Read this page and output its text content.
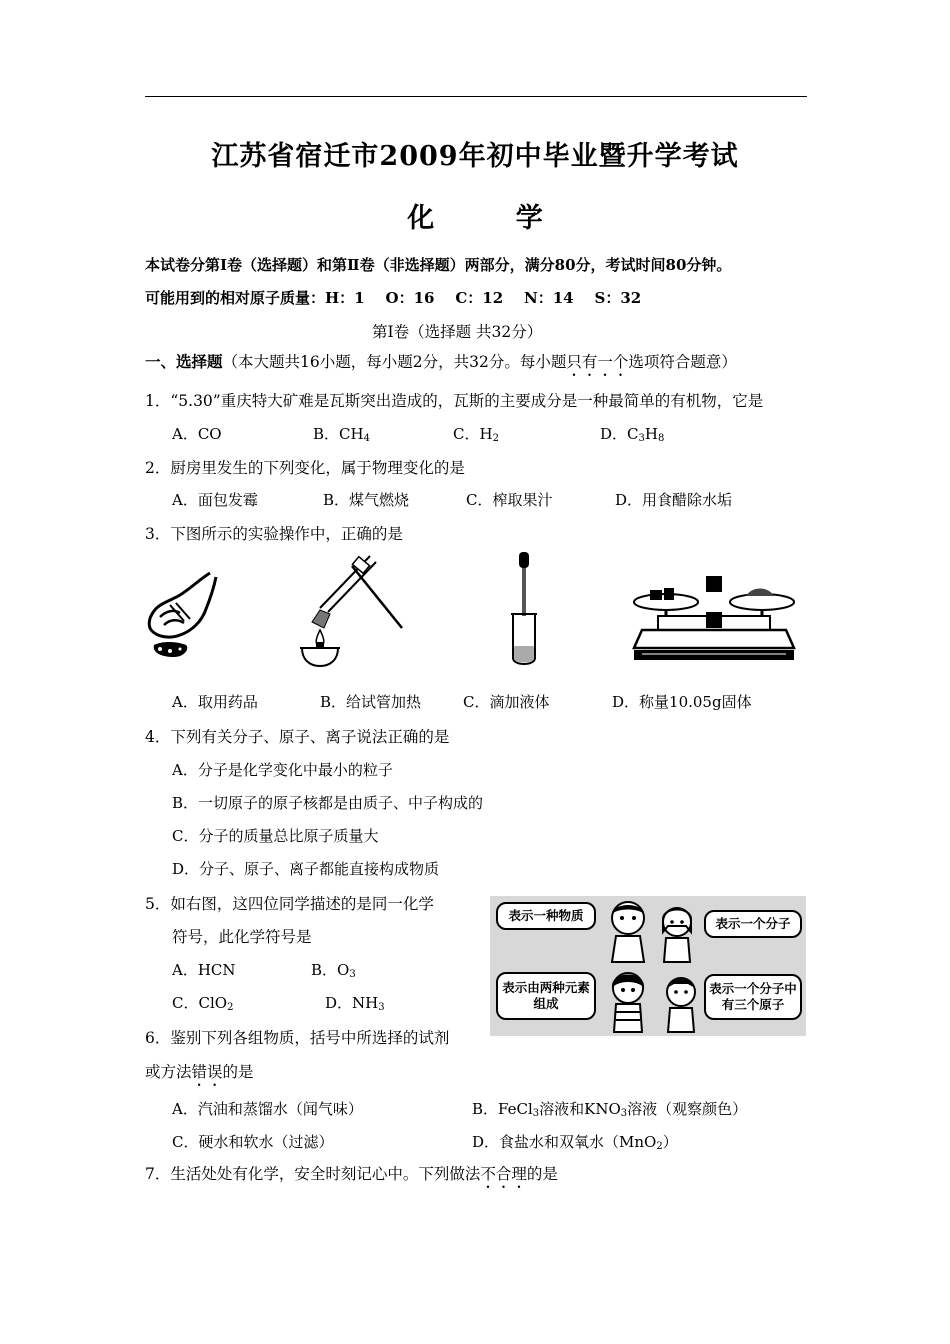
江苏省宿迁市2009年初中毕业暨升学考试
化 学
本试卷分第Ⅰ卷（选择题）和第Ⅱ卷（非选择题）两部分，满分80分，考试时间80分钟。
可能用到的相对原子质量：H：1    O：16    C：12    N：14    S：32
第Ⅰ卷（选择题 共32分）
一、选择题（本大题共16小题，每小题2分，共32分。每小题只有一个选项符合题意）
1．“5.30”重庆特大矿难是瓦斯突出造成的，瓦斯的主要成分是一种最简单的有机物，它是
A．CO	B．$CH_4$	C．$H_2$	D．$C_3H_8$
2．厨房里发生的下列变化，属于物理变化的是
A．面包发霉	B．煤气燃烧	C．榨取果汁	D．用食醋除水垢
3．下图所示的实验操作中，正确的是
A．取用药品	B．给试管加热	C．滴加液体	D．称量10.05g固体
4．下列有关分子、原子、离子说法正确的是
A．分子是化学变化中最小的粒子
B．一切原子的原子核都是由质子、中子构成的
C．分子的质量总比原子质量大
D．分子、原子、离子都能直接构成物质
5．如右图，这四位同学描述的是同一化学
符号，此化学符号是
A．HCN	B．$O_3$
C．ClO$_2$	D．$NH_3$
表示一种物质
表示一个分子
表示由两种元素组成
表示一个分子中有三个原子
6．鉴别下列各组物质，括号中所选择的试剂
或方法错误的是
A．汽油和蒸馏水（闻气味）	B．FeCl$_3$溶液和$KNO_3$溶液（观察颜色）
C．硬水和软水（过滤）	D．食盐水和双氧水（MnO$_2$）
7．生活处处有化学，安全时刻记心中。下列做法不合理的是
